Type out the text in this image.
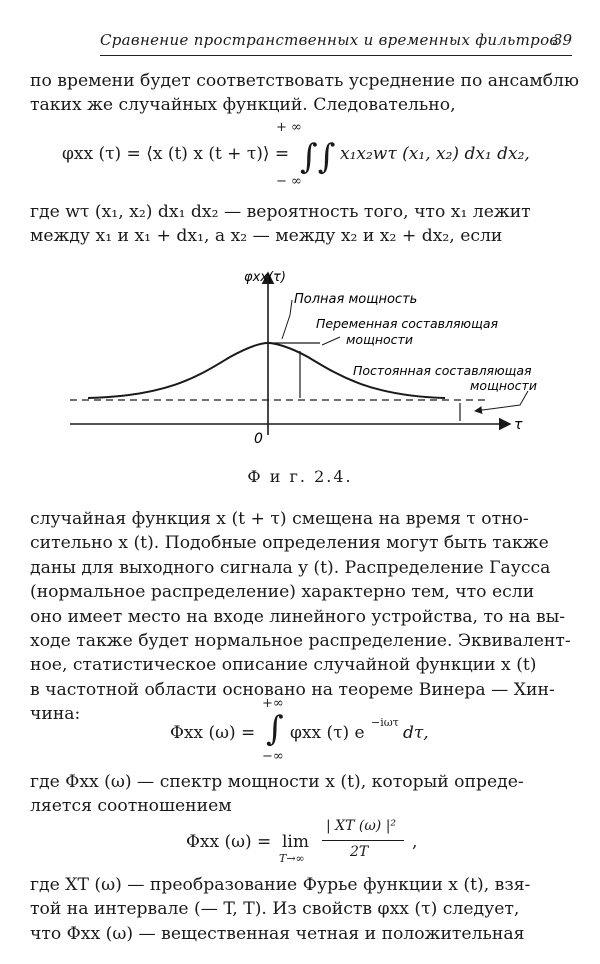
Сравнение пространственных и временных фильтров
39
по времени будет соответствовать усреднение по ансамблю
таких же случайных функций. Следовательно,
φxx (τ) = ⟨x (t) x (t + τ)⟩ =
+ ∞
∫∫
− ∞
x₁x₂wτ (x₁, x₂) dx₁ dx₂,
где wτ (x₁, x₂) dx₁ dx₂ — вероятность того, что x₁ лежит
между x₁ и x₁ + dx₁, а x₂ — между x₂ и x₂ + dx₂, если
φxx(τ)
τ
0
Полная мощность
Переменная составляющая
мощности
Постоянная составляющая
мощности
Ф и г. 2.4.
случайная функция x (t + τ) смещена на время τ отно-
сительно x (t). Подобные определения могут быть также
даны для выходного сигнала y (t). Распределение Гаусса
(нормальное распределение) характерно тем, что если
оно имеет место на входе линейного устройства, то на вы-
ходе также будет нормальное распределение. Эквивалент-
ное, статистическое описание случайной функции x (t)
в частотной области основано на теореме Винера — Хин-
чина:
Φxx (ω) =
+∞
∫
−∞
φxx (τ) e
−iωτ
dτ,
где Φxx (ω) — спектр мощности x (t), который опреде-
ляется соотношением
Φxx (ω) = lim
T→∞
| XT (ω) |²
2T	,
где XT (ω) — преобразование Фурье функции x (t), взя-
той на интервале (— T, T). Из свойств φxx (τ) следует,
что Φxx (ω) — вещественная четная и положительная
